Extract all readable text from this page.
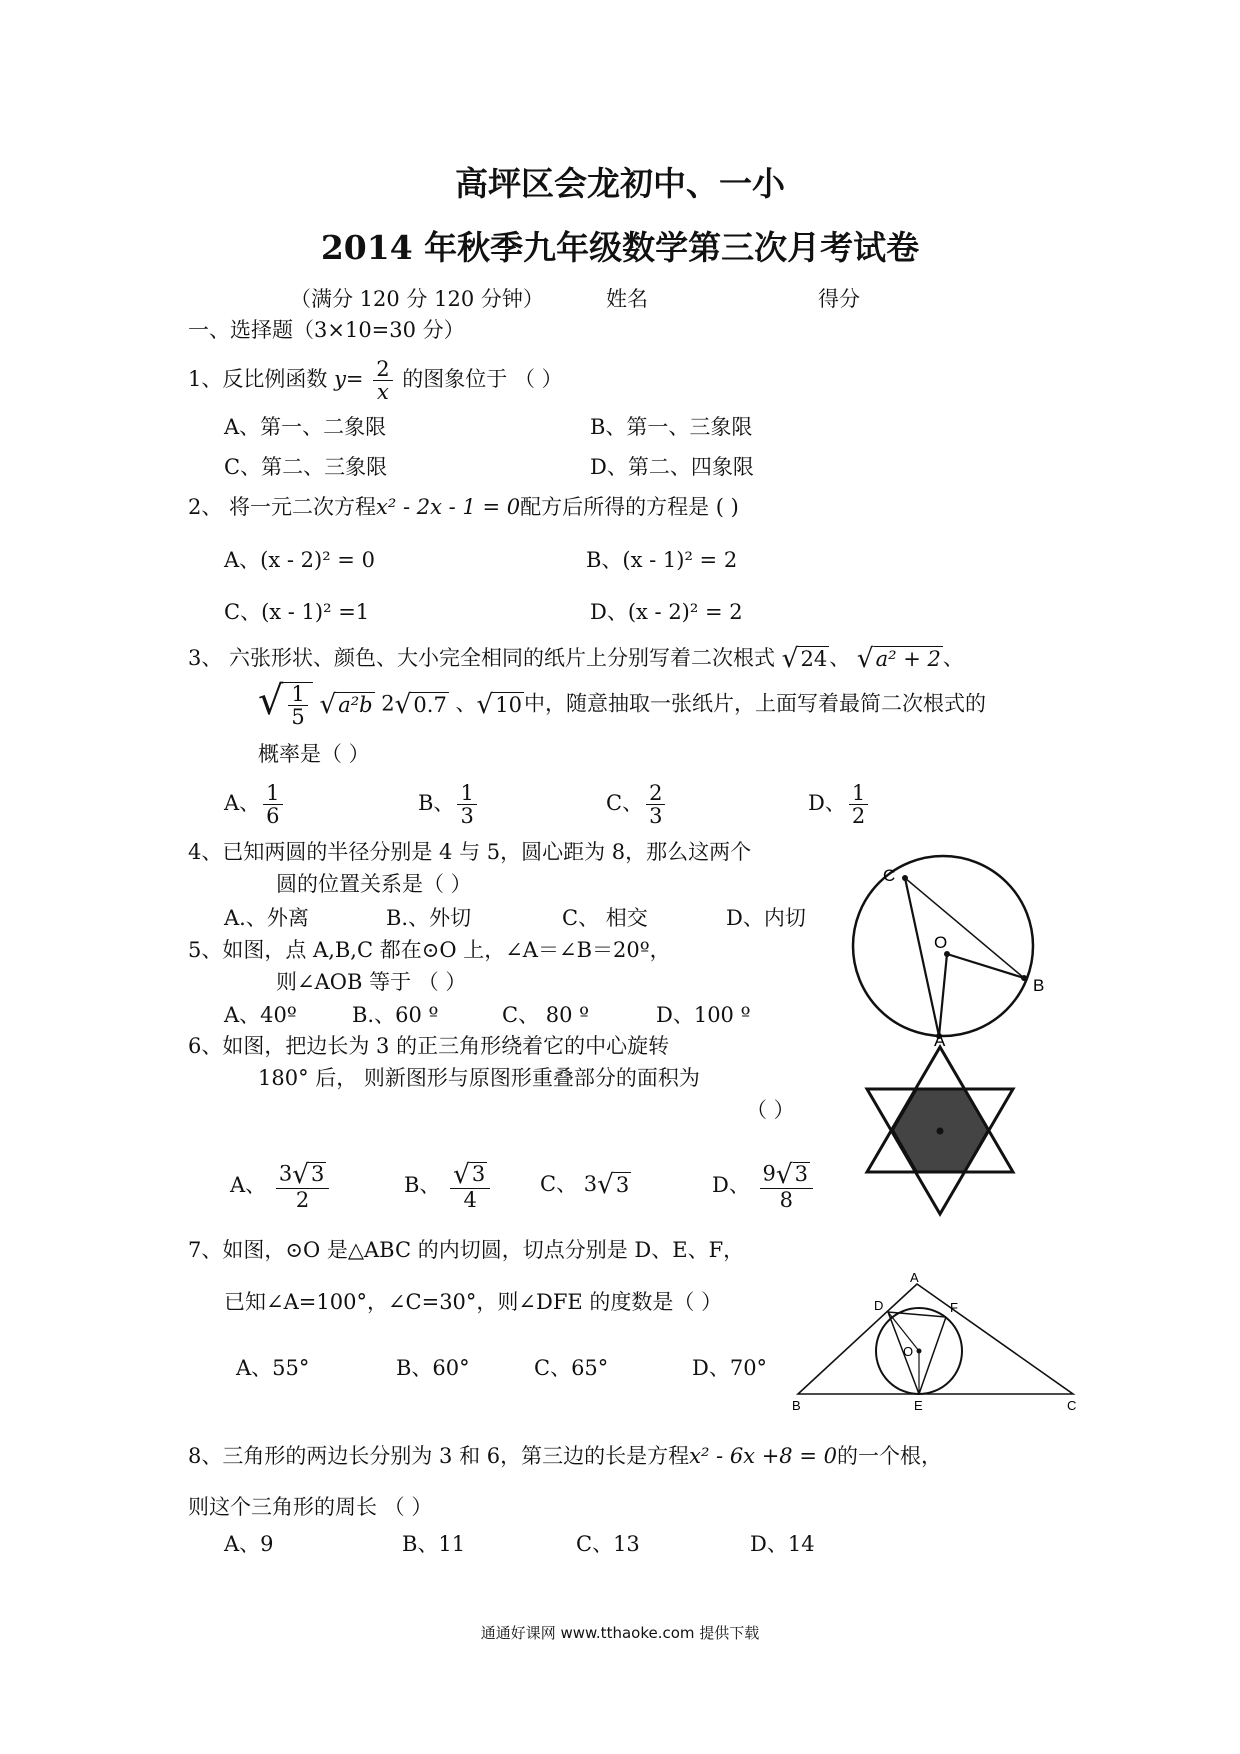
高坪区会龙初中、一小
2014 年秋季九年级数学第三次月考试卷
（满分 120 分 120 分钟）	姓名	得分
一、选择题（3×10=30 分）
1、反比例函数 $y= \frac{2}{x}$ 的图象位于 （ ）
A、第一、二象限	B、第一、三象限
C、第二、三象限	D、第二、四象限
2、 将一元二次方程x² - 2x - 1 = 0配方后所得的方程是 ( )
A、(x - 2)² = 0	B、(x - 1)² = 2
C、(x - 1)² =1	D、(x - 2)² = 2
3、 六张形状、颜色、大小完全相同的纸片上分别写着二次根式 √ 24 、 √ a² + 2 、
√ $\frac{1}{5}$
√ a²b 2 √ 0.7 、 √ 10 中，随意抽取一张纸片，上面写着最简二次根式的
概率是（ ）
A、 $\frac{1}{6}$	B、 $\frac{1}{3}$	C、 $\frac{2}{3}$	D、 $\frac{1}{2}$
4、已知两圆的半径分别是 4 与 5，圆心距为 8，那么这两个
圆的位置关系是（ ）
A.、外离	B.、外切	C、 相交	D、内切
5、如图，点 A,B,C 都在⊙O 上，∠A＝∠B＝20º，
则∠AOB 等于 （ ）
A、40º	B.、60 º	C、 80 º	D、100 º
C
O
B
6、如图，把边长为 3 的正三角形绕着它的中心旋转
180° 后， 则新图形与原图形重叠部分的面积为
（ ）
A、 $\frac{3 √ 3}{2}$	B、 $\frac{√ 3}{4}$ C、 3 √ 3	D、 $\frac{9 √ 3}{8}$
A
7、如图，⊙O 是△ABC 的内切圆，切点分别是 D、E、F，
已知∠A=100°，∠C=30°，则∠DFE 的度数是（ ）
A、55°	B、60°	C、65°	D、70°
A
D	F
O
B	E	C
8、三角形的两边长分别为 3 和 6，第三边的长是方程x² - 6x +8 = 0的一个根，
则这个三角形的周长 （ ）
A、9	B、11	C、13	D、14
通通好课网 www.tthaoke.com 提供下载
